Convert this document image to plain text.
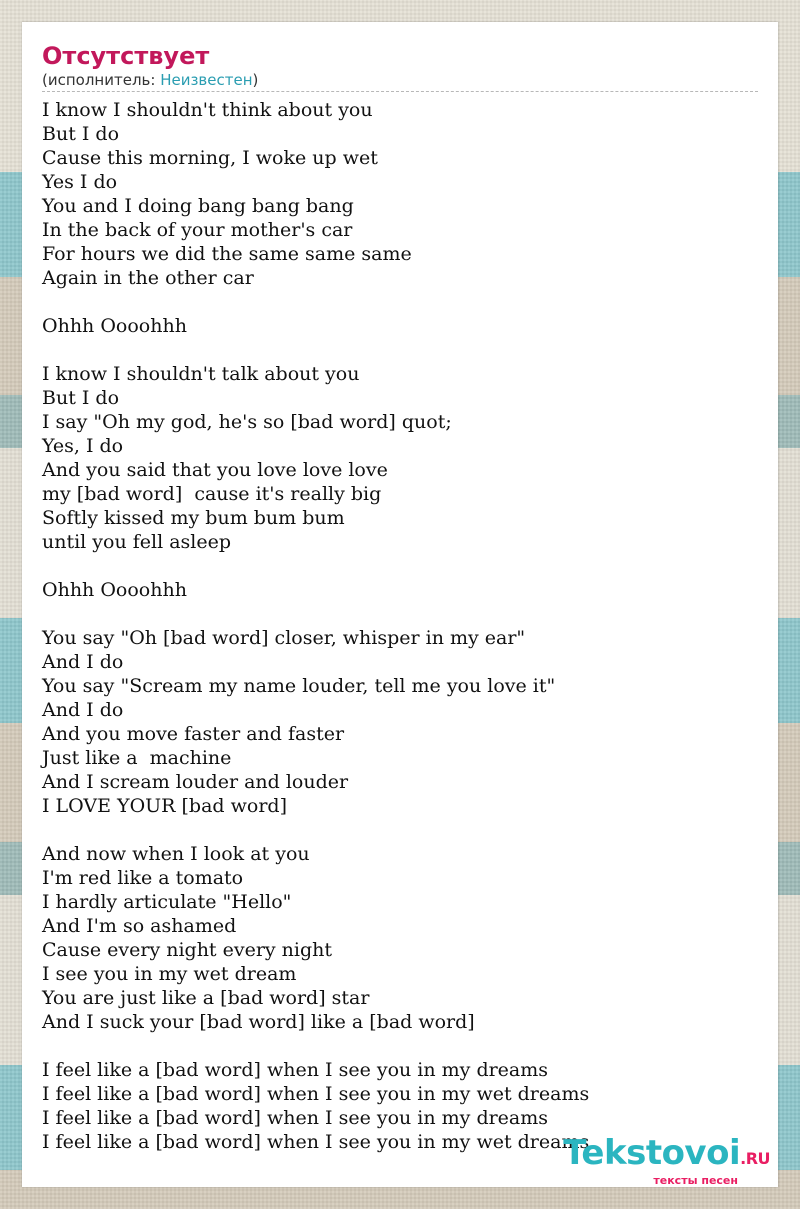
Отсутствует
(исполнитель: Неизвестен)
I know I shouldn't think about you
But I do
Cause this morning, I woke up wet
Yes I do
You and I doing bang bang bang
In the back of your mother's car
For hours we did the same same same
Again in the other car
Ohhh Oooohhh
I know I shouldn't talk about you
But I do
I say "Oh my god, he's so [bad word] quot;
Yes, I do
And you said that you love love love
my [bad word]  cause it's really big
Softly kissed my bum bum bum
until you fell asleep
Ohhh Oooohhh
You say "Oh [bad word] closer, whisper in my ear"
And I do
You say "Scream my name louder, tell me you love it"
And I do
And you move faster and faster
Just like a  machine
And I scream louder and louder
I LOVE YOUR [bad word]
And now when I look at you
I'm red like a tomato
I hardly articulate "Hello"
And I'm so ashamed
Cause every night every night
I see you in my wet dream
You are just like a [bad word] star
And I suck your [bad word] like a [bad word]
I feel like a [bad word] when I see you in my dreams
I feel like a [bad word] when I see you in my wet dreams
I feel like a [bad word] when I see you in my dreams
I feel like a [bad word] when I see you in my wet dreams
Tekstovoi.RU
тексты песен
